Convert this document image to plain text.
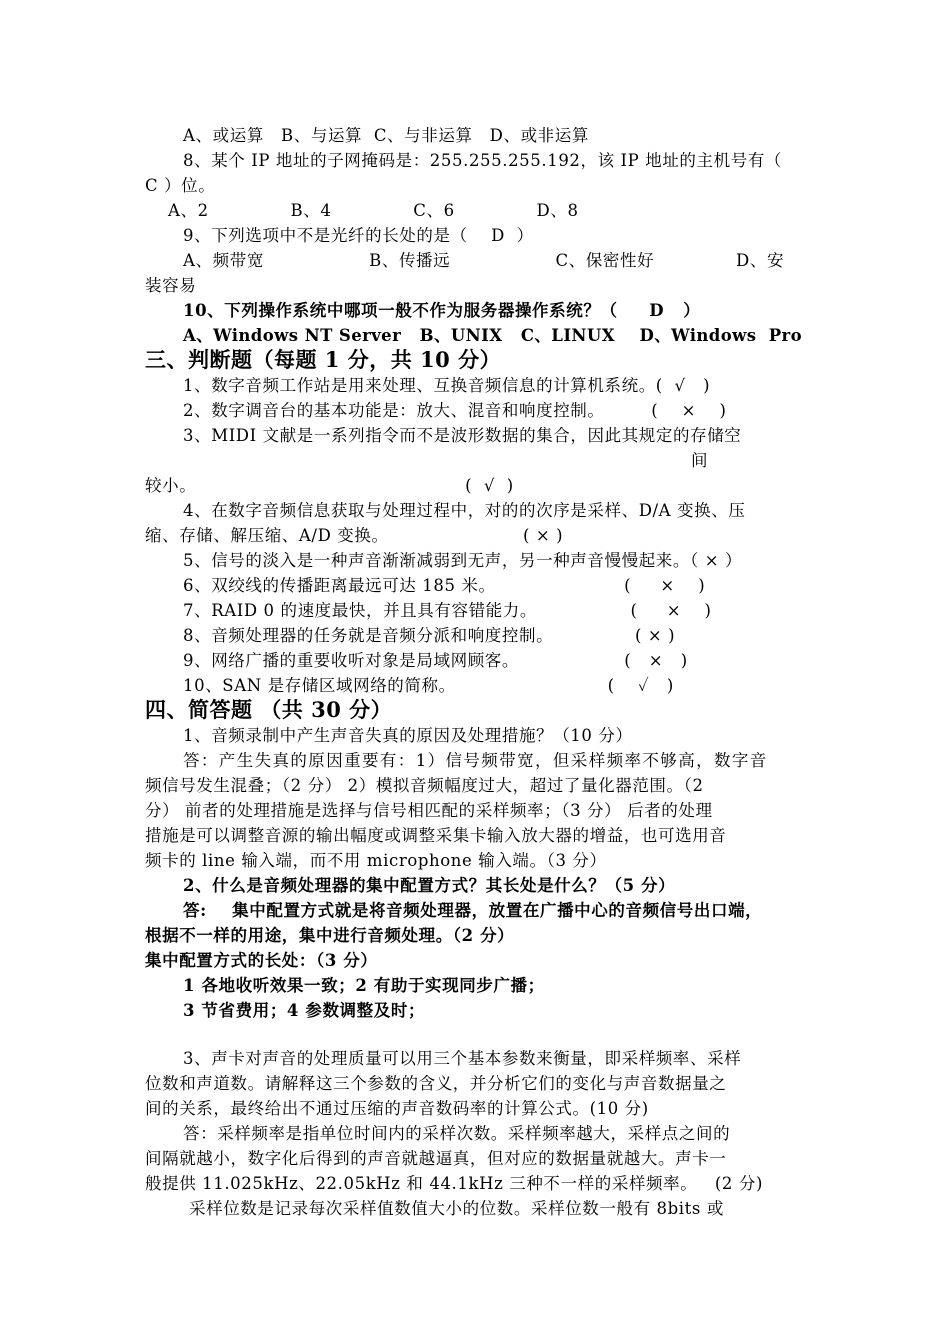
A、或运算　B、与运算  C、与非运算　D、或非运算
8、某个 IP 地址的子网掩码是：255.255.255.192，该 IP 地址的主机号有（
C ）位。
A、2              B、4              C、6              D、8
9、下列选项中不是光纤的长处的是（    D  ）
A、频带宽                  B、传播远                  C、保密性好              D、安
装容易
10、下列操作系统中哪项一般不作为服务器操作系统？（     D   ）
A、Windows NT Server   B、UNIX   C、LINUX    D、Windows  Pro
三、判断题（每题 1 分，共 10 分）
1、数字音频工作站是用来处理、互换音频信息的计算机系统。(  √   )
2、数字调音台的基本功能是：放大、混音和响度控制。        (    ×    )
3、MIDI 文献是一系列指令而不是波形数据的集合，因此其规定的存储空
间
较小。                                              (  √  )
4、在数字音频信息获取与处理过程中，对的的次序是采样、D/A 变换、压
缩、存储、解压缩、A/D 变换。                       ( × )
5、信号的淡入是一种声音渐渐减弱到无声，另一种声音慢慢起来。（ × ）
6、双绞线的传播距离最远可达 185 米。                      (     ×    )
7、RAID 0 的速度最快，并且具有容错能力。                (     ×    )
8、音频处理器的任务就是音频分派和响度控制。              ( × )
9、网络广播的重要收听对象是局域网顾客。                  (   ×   )
10、SAN 是存储区域网络的简称。                          (    ✓   )
四、简答题 （共 30 分）
1、音频录制中产生声音失真的原因及处理措施？（10 分）
答：产生失真的原因重要有：1）信号频带宽，但采样频率不够高，数字音
频信号发生混叠；（2 分） 2）模拟音频幅度过大，超过了量化器范围。（2
分） 前者的处理措施是选择与信号相匹配的采样频率；（3 分） 后者的处理
措施是可以调整音源的输出幅度或调整采集卡输入放大器的增益，也可选用音
频卡的 line 输入端，而不用 microphone 输入端。（3 分）
2、什么是音频处理器的集中配置方式？其长处是什么？（5 分）
答:    集中配置方式就是将音频处理器，放置在广播中心的音频信号出口端，
根据不一样的用途，集中进行音频处理。（2 分）
集中配置方式的长处：（3 分）
1 各地收听效果一致；2 有助于实现同步广播；
3 节省费用；4 参数调整及时；
3、声卡对声音的处理质量可以用三个基本参数来衡量，即采样频率、采样
位数和声道数。请解释这三个参数的含义，并分析它们的变化与声音数据量之
间的关系，最终给出不通过压缩的声音数码率的计算公式。(10 分)
答：采样频率是指单位时间内的采样次数。采样频率越大，采样点之间的
间隔就越小，数字化后得到的声音就越逼真，但对应的数据量就越大。声卡一
般提供 11.025kHz、22.05kHz 和 44.1kHz 三种不一样的采样频率。   (2 分)
采样位数是记录每次采样值数值大小的位数。采样位数一般有 8bits 或
